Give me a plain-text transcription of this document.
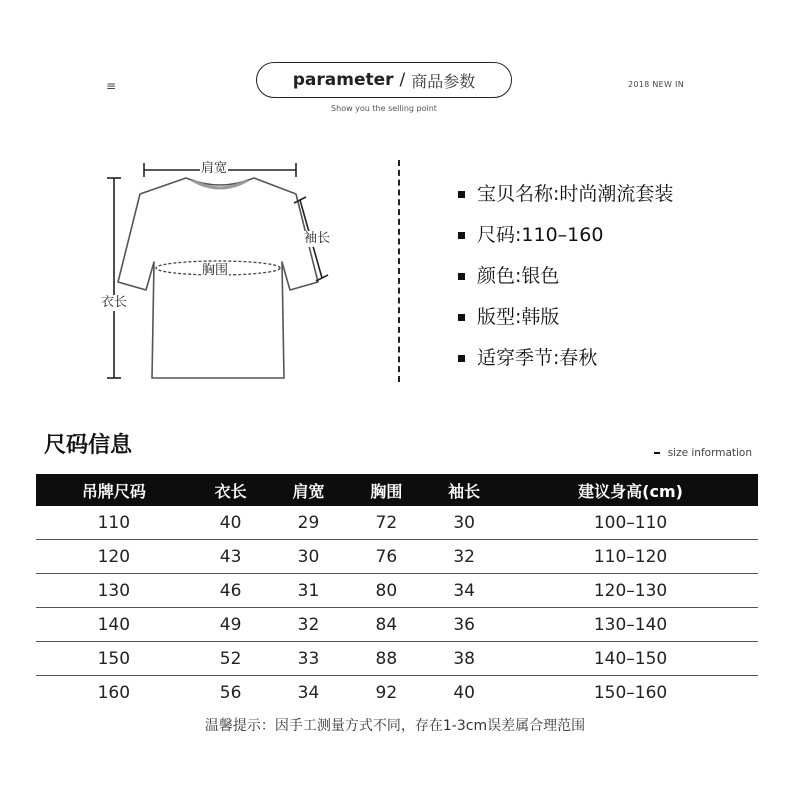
≡	parameter / 商品参数
Show you the selling point
2018 NEW IN
肩宽
袖长
胸围
衣长
宝贝名称:时尚潮流套装
尺码:110–160
颜色:银色
版型:韩版
适穿季节:春秋
尺码信息	size information
吊牌尺码	衣长	肩宽	胸围	袖长	建议身高(cm)
110	40	29	72	30	100–110
120	43	30	76	32	110–120
130	46	31	80	34	120–130
140	49	32	84	36	130–140
150	52	33	88	38	140–150
160	56	34	92	40	150–160
温馨提示：因手工测量方式不同，存在1-3cm误差属合理范围
